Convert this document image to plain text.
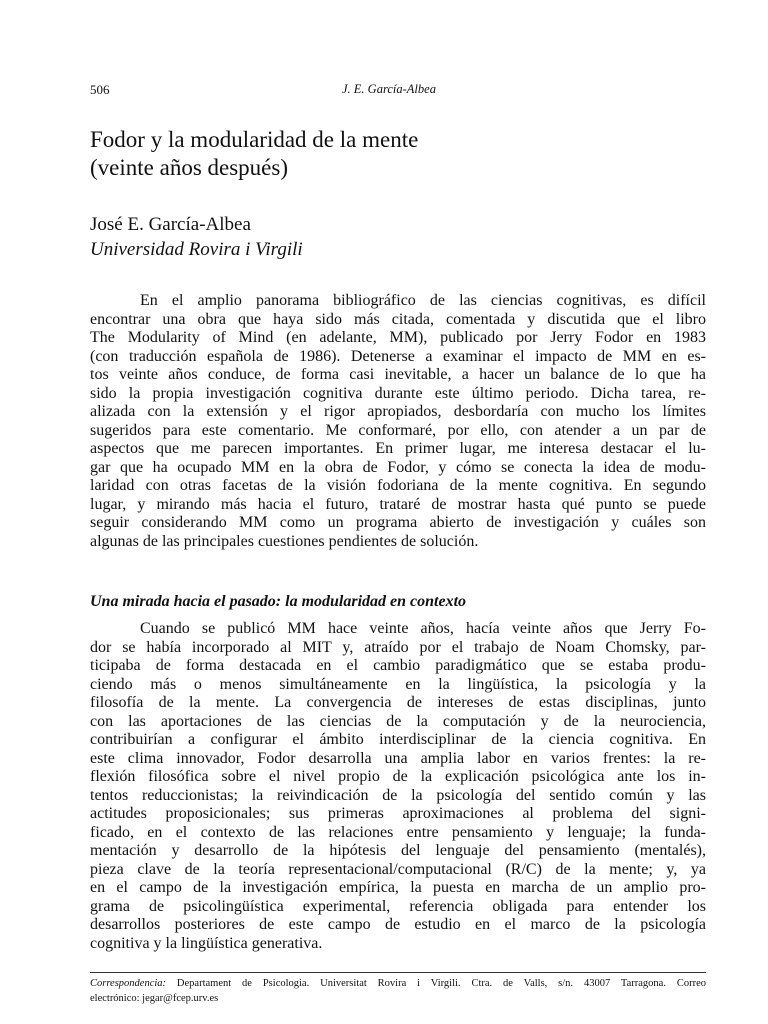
506	J. E. García-Albea
Fodor y la modularidad de la mente
(veinte años después)
José E. García-Albea
Universidad Rovira i Virgili
En el amplio panorama bibliográfico de las ciencias cognitivas, es difícil
encontrar una obra que haya sido más citada, comentada y discutida que el libro
The Modularity of Mind (en adelante, MM), publicado por Jerry Fodor en 1983
(con traducción española de 1986). Detenerse a examinar el impacto de MM en es-
tos veinte años conduce, de forma casi inevitable, a hacer un balance de lo que ha
sido la propia investigación cognitiva durante este último periodo. Dicha tarea, re-
alizada con la extensión y el rigor apropiados, desbordaría con mucho los límites
sugeridos para este comentario. Me conformaré, por ello, con atender a un par de
aspectos que me parecen importantes. En primer lugar, me interesa destacar el lu-
gar que ha ocupado MM en la obra de Fodor, y cómo se conecta la idea de modu-
laridad con otras facetas de la visión fodoriana de la mente cognitiva. En segundo
lugar, y mirando más hacia el futuro, trataré de mostrar hasta qué punto se puede
seguir considerando MM como un programa abierto de investigación y cuáles son
algunas de las principales cuestiones pendientes de solución.
Una mirada hacia el pasado: la modularidad en contexto
Cuando se publicó MM hace veinte años, hacía veinte años que Jerry Fo-
dor se había incorporado al MIT y, atraído por el trabajo de Noam Chomsky, par-
ticipaba de forma destacada en el cambio paradigmático que se estaba produ-
ciendo más o menos simultáneamente en la lingüística, la psicología y la
filosofía de la mente. La convergencia de intereses de estas disciplinas, junto
con las aportaciones de las ciencias de la computación y de la neurociencia,
contribuirían a configurar el ámbito interdisciplinar de la ciencia cognitiva. En
este clima innovador, Fodor desarrolla una amplia labor en varios frentes: la re-
flexión filosófica sobre el nivel propio de la explicación psicológica ante los in-
tentos reduccionistas; la reivindicación de la psicología del sentido común y las
actitudes proposicionales; sus primeras aproximaciones al problema del signi-
ficado, en el contexto de las relaciones entre pensamiento y lenguaje; la funda-
mentación y desarrollo de la hipótesis del lenguaje del pensamiento (mentalés),
pieza clave de la teoría representacional/computacional (R/C) de la mente; y, ya
en el campo de la investigación empírica, la puesta en marcha de un amplio pro-
grama de psicolingüística experimental, referencia obligada para entender los
desarrollos posteriores de este campo de estudio en el marco de la psicología
cognitiva y la lingüística generativa.
Correspondencia: Departament de Psicologia. Universitat Rovira i Virgili. Ctra. de Valls, s/n. 43007 Tarragona. Correo
electrónico: jegar@fcep.urv.es
